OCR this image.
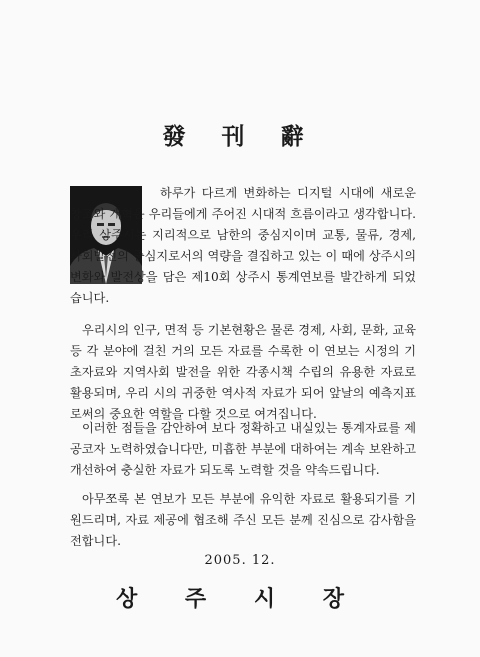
發 刊 辭

하루가 다르게 변화하는 디지털 시대에 새로운 창조와 개혁은 우리들에게 주어진 시대적 흐름이라고 생각합니다. 우리 상주시는 지리적으로 남한의 중심지이며 교통, 물류, 경제, 사회발전의 중심지로서의 역량을 결집하고 있는 이 때에 상주시의 변화와 발전상을 담은 제10회 상주시 통계연보를 발간하게 되었습니다.

우리시의 인구, 면적 등 기본현황은 물론 경제, 사회, 문화, 교육 등 각 분야에 걸친 거의 모든 자료를 수록한 이 연보는 시정의 기초자료와 지역사회 발전을 위한 각종시책 수립의 유용한 자료로 활용되며, 우리 시의 귀중한 역사적 자료가 되어 앞날의 예측지표로써의 중요한 역할을 다할 것으로 여겨집니다.

이러한 점들을 감안하여 보다 정확하고 내실있는 통계자료를 제공코자 노력하였습니다만, 미흡한 부분에 대하여는 계속 보완하고 개선하여 충실한 자료가 되도록 노력할 것을 약속드립니다.

아무쪼록 본 연보가 모든 부분에 유익한 자료로 활용되기를 기원드리며, 자료 제공에 협조해 주신 모든 분께 진심으로 감사함을 전합니다.

2005. 12.
상 주 시 장
